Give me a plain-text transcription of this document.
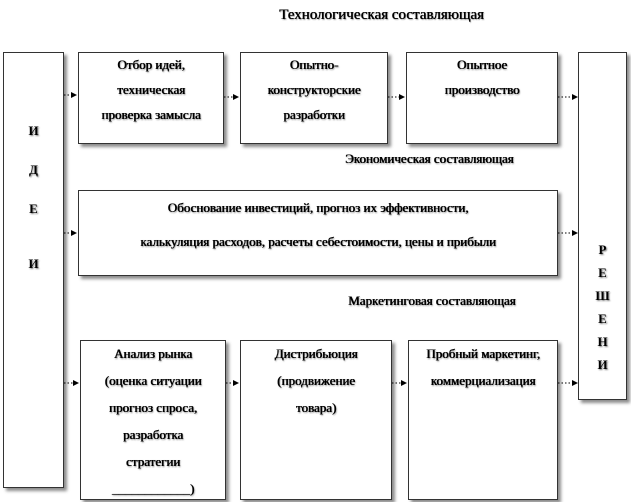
Технологическая составляющая
Экономическая составляющая
Маркетинговая составляющая
И
Д
Е
И
Р
Е
Ш
Е
Н
И
Отбор идей,
техническая
проверка замысла
Опытно-
конструкторские
разработки
Опытное
производство
Обоснование инвестиций, прогноз их эффективности,
калькуляция расходов, расчеты себестоимости, цены и прибыли
Анализ рынка
(оценка ситуации
прогноз спроса,
разработка
стратегии
____________)
Дистрибьюция
(продвижение
товара)
Пробный маркетинг,
коммерциализация
